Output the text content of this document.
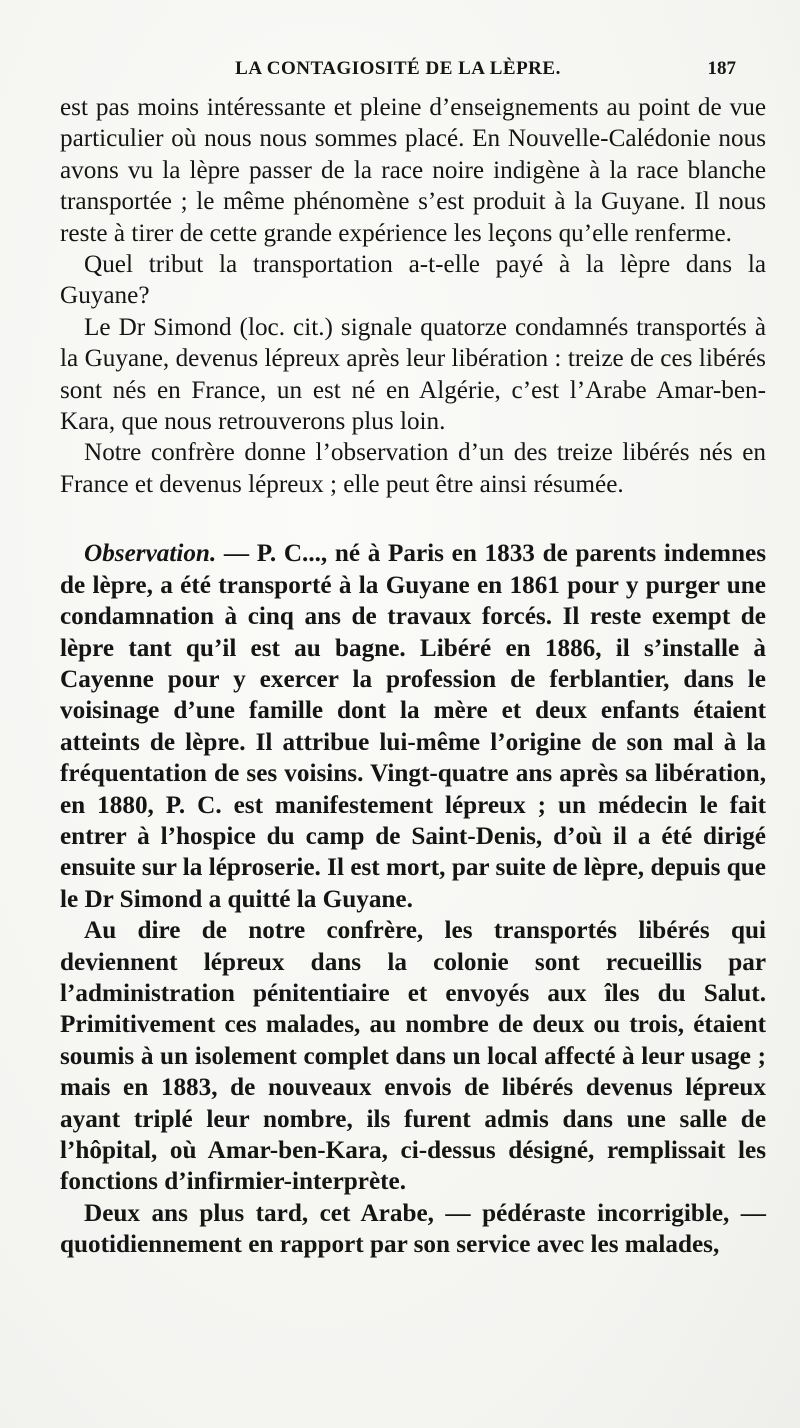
LA CONTAGIOSITÉ DE LA LÈPRE.	187

est pas moins intéressante et pleine d’enseignements au point de vue particulier où nous nous sommes placé. En Nouvelle-Calédonie nous avons vu la lèpre passer de la race noire indigène à la race blanche transportée ; le même phénomène s’est produit à la Guyane. Il nous reste à tirer de cette grande expérience les leçons qu’elle renferme.

Quel tribut la transportation a-t-elle payé à la lèpre dans la Guyane?

Le Dr Simond (loc. cit.) signale quatorze condamnés transportés à la Guyane, devenus lépreux après leur libération : treize de ces libérés sont nés en France, un est né en Algérie, c’est l’Arabe Amar-ben-Kara, que nous retrouverons plus loin.

Notre confrère donne l’observation d’un des treize libérés nés en France et devenus lépreux ; elle peut être ainsi résumée.

Observation. — P. C..., né à Paris en 1833 de parents indemnes de lèpre, a été transporté à la Guyane en 1861 pour y purger une condamnation à cinq ans de travaux forcés. Il reste exempt de lèpre tant qu’il est au bagne. Libéré en 1886, il s’installe à Cayenne pour y exercer la profession de ferblantier, dans le voisinage d’une famille dont la mère et deux enfants étaient atteints de lèpre. Il attribue lui-même l’origine de son mal à la fréquentation de ses voisins. Vingt-quatre ans après sa libération, en 1880, P. C. est manifestement lépreux ; un médecin le fait entrer à l’hospice du camp de Saint-Denis, d’où il a été dirigé ensuite sur la léproserie. Il est mort, par suite de lèpre, depuis que le Dr Simond a quitté la Guyane.

Au dire de notre confrère, les transportés libérés qui deviennent lépreux dans la colonie sont recueillis par l’administration pénitentiaire et envoyés aux îles du Salut. Primitivement ces malades, au nombre de deux ou trois, étaient soumis à un isolement complet dans un local affecté à leur usage ; mais en 1883, de nouveaux envois de libérés devenus lépreux ayant triplé leur nombre, ils furent admis dans une salle de l’hôpital, où Amar-ben-Kara, ci-dessus désigné, remplissait les fonctions d’infirmier-interprète.

Deux ans plus tard, cet Arabe, — pédéraste incorrigible, — quotidiennement en rapport par son service avec les malades,
